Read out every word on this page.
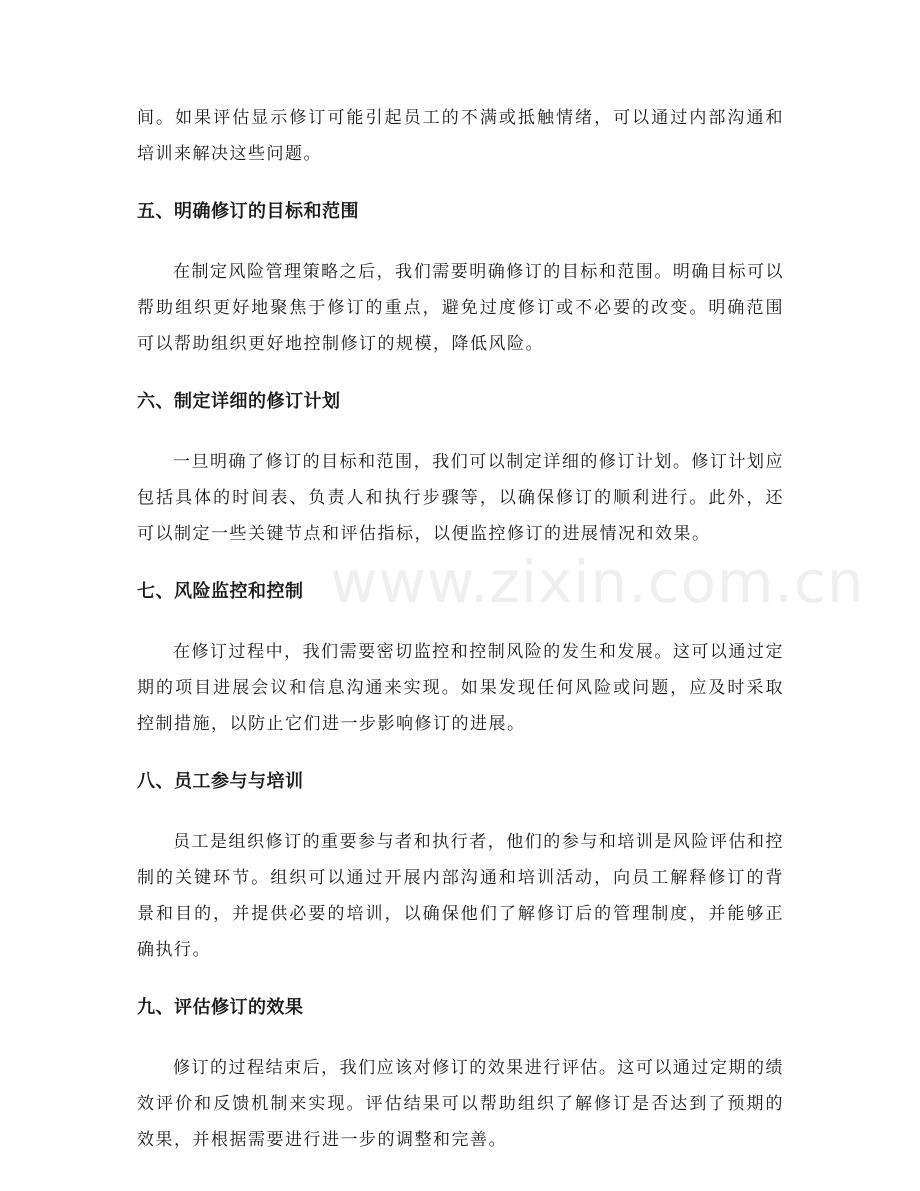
间。如果评估显示修订可能引起员工的不满或抵触情绪，可以通过内部沟通和培训来解决这些问题。

五、明确修订的目标和范围

在制定风险管理策略之后，我们需要明确修订的目标和范围。明确目标可以帮助组织更好地聚焦于修订的重点，避免过度修订或不必要的改变。明确范围可以帮助组织更好地控制修订的规模，降低风险。

六、制定详细的修订计划

一旦明确了修订的目标和范围，我们可以制定详细的修订计划。修订计划应包括具体的时间表、负责人和执行步骤等，以确保修订的顺利进行。此外，还可以制定一些关键节点和评估指标，以便监控修订的进展情况和效果。

七、风险监控和控制

在修订过程中，我们需要密切监控和控制风险的发生和发展。这可以通过定期的项目进展会议和信息沟通来实现。如果发现任何风险或问题，应及时采取控制措施，以防止它们进一步影响修订的进展。

八、员工参与与培训

员工是组织修订的重要参与者和执行者，他们的参与和培训是风险评估和控制的关键环节。组织可以通过开展内部沟通和培训活动，向员工解释修订的背景和目的，并提供必要的培训，以确保他们了解修订后的管理制度，并能够正确执行。

九、评估修订的效果

修订的过程结束后，我们应该对修订的效果进行评估。这可以通过定期的绩效评价和反馈机制来实现。评估结果可以帮助组织了解修订是否达到了预期的效果，并根据需要进行进一步的调整和完善。

www.zixin.com.cn
